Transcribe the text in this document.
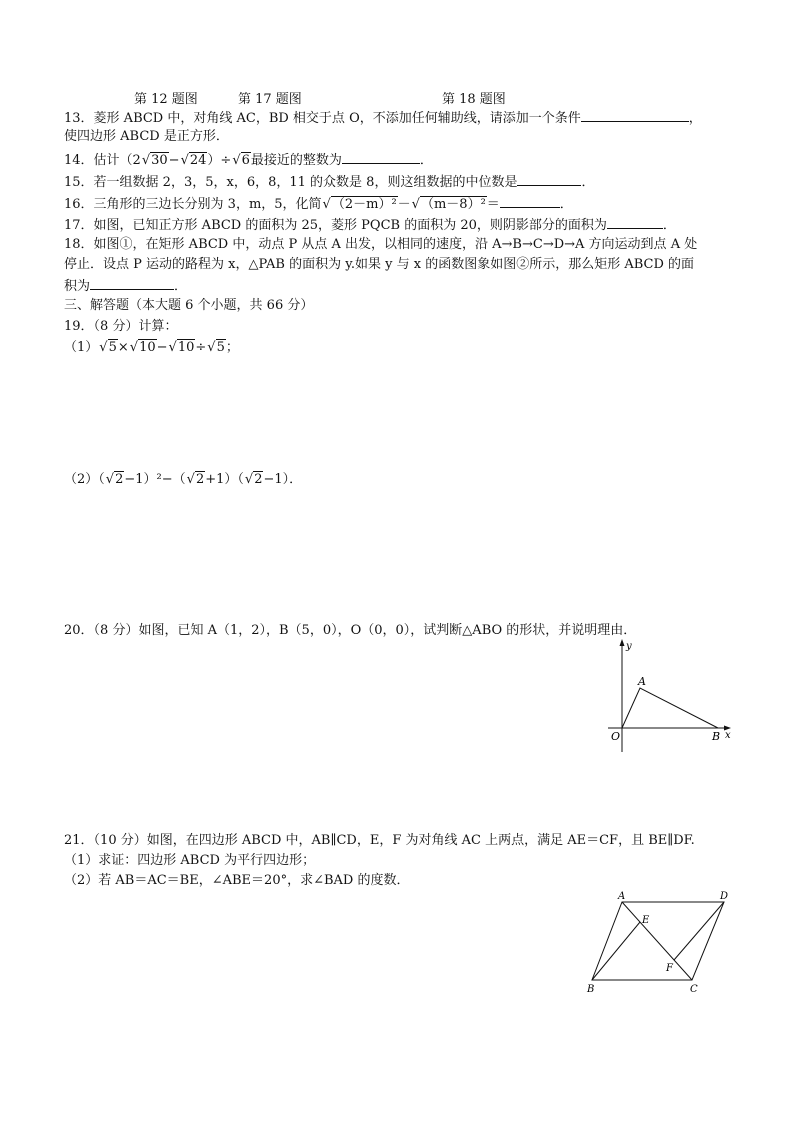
第 12 题图	第 17 题图	第 18 题图
13．菱形 ABCD 中，对角线 AC，BD 相交于点 O，不添加任何辅助线，请添加一个条件	，
使四边形 ABCD 是正方形．
14．估计（2√30−√24）÷√6最接近的整数为	．
15．若一组数据 2，3，5，x，6，8，11 的众数是 8，则这组数据的中位数是	．
16．三角形的三边长分别为 3，m，5，化简√（2－m）²－√（m－8）²＝	．
17．如图，已知正方形 ABCD 的面积为 25，菱形 PQCB 的面积为 20，则阴影部分的面积为	．
18．如图①，在矩形 ABCD 中，动点 P 从点 A 出发，以相同的速度，沿 A→B→C→D→A 方向运动到点 A 处
停止．设点 P 运动的路程为 x，△PAB 的面积为 y.如果 y 与 x 的函数图象如图②所示，那么矩形 ABCD 的面
积为	．
三、解答题（本大题 6 个小题，共 66 分）
19．（8 分）计算：
（1）√5×√10−√10÷√5；
（2）（√2−1）²−（√2+1）（√2−1）．
20．（8 分）如图，已知 A（1，2），B（5，0），O（0，0），试判断△ABO 的形状，并说明理由．
y
x
A
O	B
21．（10 分）如图，在四边形 ABCD 中，AB∥CD，E，F 为对角线 AC 上两点，满足 AE＝CF，且 BE∥DF.
（1）求证：四边形 ABCD 为平行四边形；
（2）若 AB＝AC＝BE，∠ABE＝20°，求∠BAD 的度数．
A	D
E
F
B	C
